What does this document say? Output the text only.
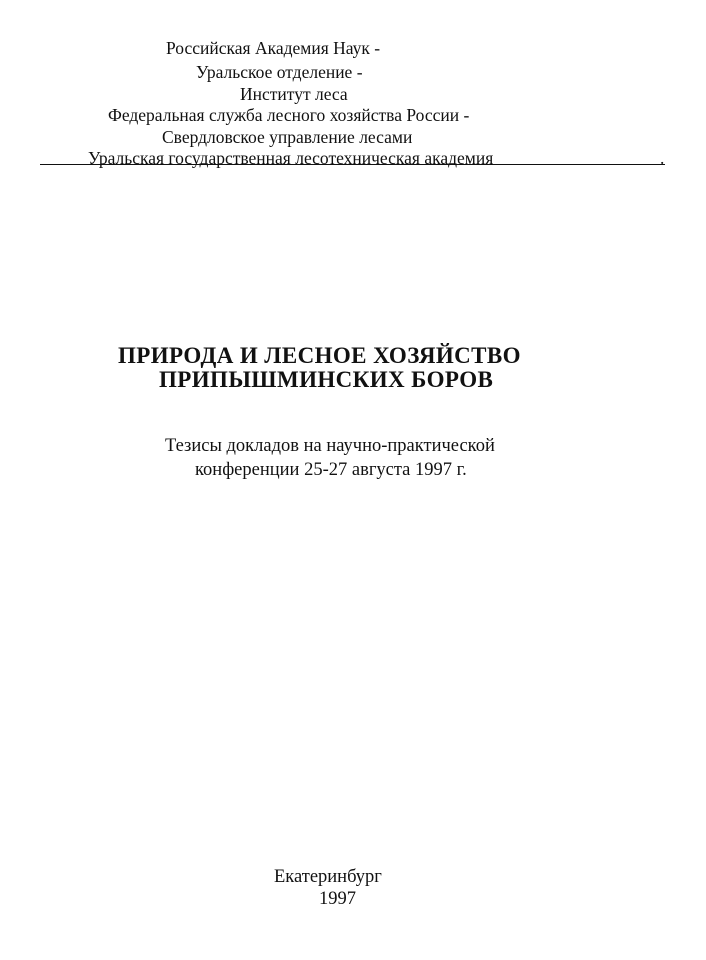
Российская Академия Наук -
Уральское отделение -
Институт леса
Федеральная служба лесного хозяйства России -
Свердловское управление лесами
Уральская государственная лесотехническая академия	.
ПРИРОДА И ЛЕСНОЕ ХОЗЯЙСТВО
ПРИПЫШМИНСКИХ БОРОВ
Тезисы докладов на научно-практической
конференции 25-27 августа 1997 г.
Екатеринбург
1997
